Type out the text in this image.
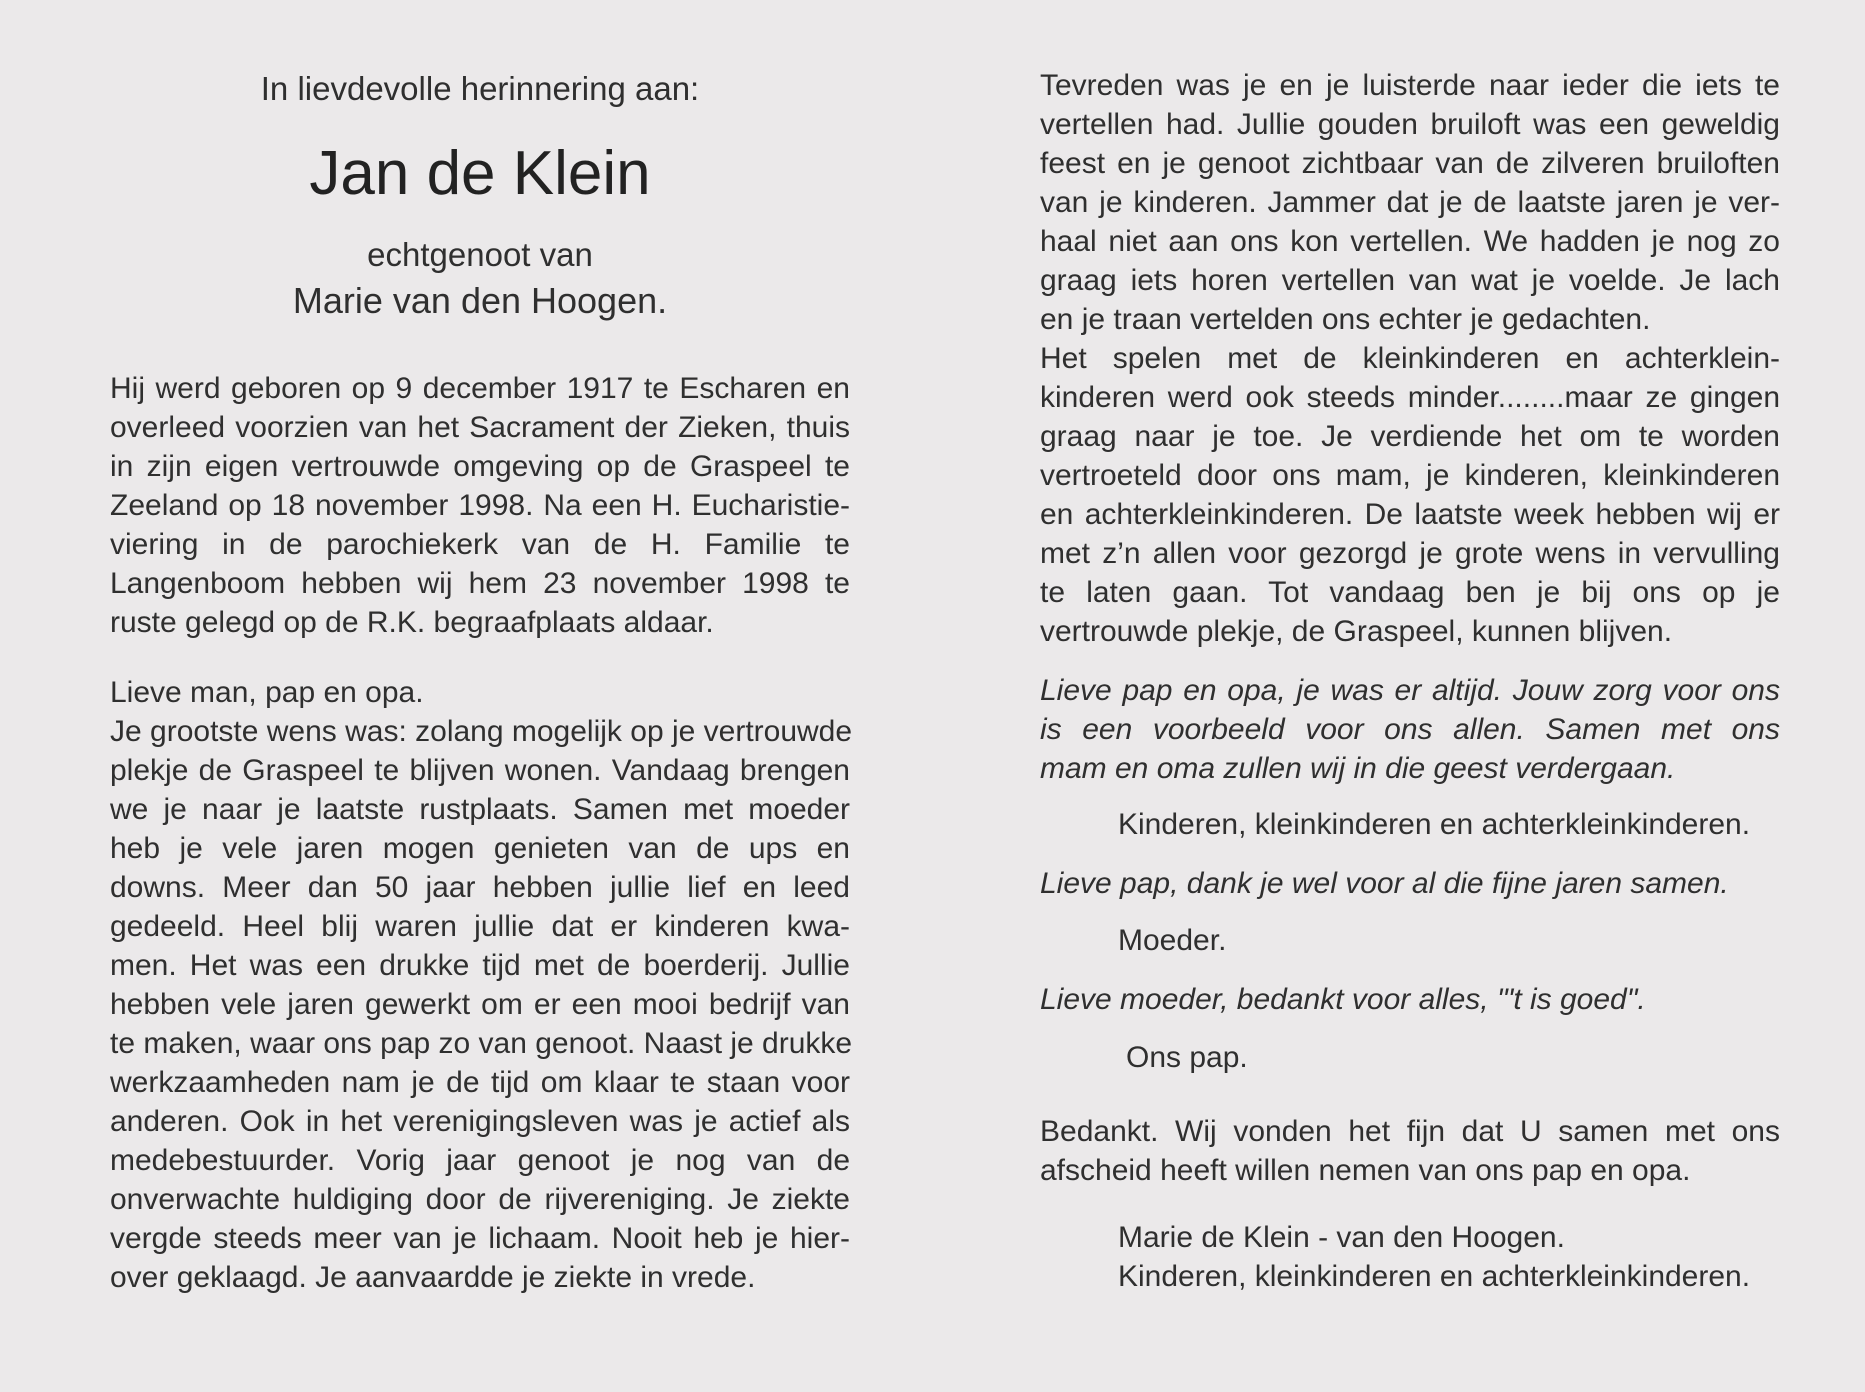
In lievdevolle herinnering aan:
Jan de Klein
echtgenoot van
Marie van den Hoogen.
Hij werd geboren op 9 december 1917 te Escharen en
overleed voorzien van het Sacrament der Zieken, thuis
in zijn eigen vertrouwde omgeving op de Graspeel te
Zeeland op 18 november 1998. Na een H. Eucharistie-
viering in de parochiekerk van de H. Familie te
Langenboom hebben wij hem 23 november 1998 te
ruste gelegd op de R.K. begraafplaats aldaar.
Lieve man, pap en opa.
Je grootste wens was: zolang mogelijk op je vertrouwde
plekje de Graspeel te blijven wonen. Vandaag brengen
we je naar je laatste rustplaats. Samen met moeder
heb je vele jaren mogen genieten van de ups en
downs. Meer dan 50 jaar hebben jullie lief en leed
gedeeld. Heel blij waren jullie dat er kinderen kwa-
men. Het was een drukke tijd met de boerderij. Jullie
hebben vele jaren gewerkt om er een mooi bedrijf van
te maken, waar ons pap zo van genoot. Naast je drukke
werkzaamheden nam je de tijd om klaar te staan voor
anderen. Ook in het verenigingsleven was je actief als
medebestuurder. Vorig jaar genoot je nog van de
onverwachte huldiging door de rijvereniging. Je ziekte
vergde steeds meer van je lichaam. Nooit heb je hier-
over geklaagd. Je aanvaardde je ziekte in vrede.
Tevreden was je en je luisterde naar ieder die iets te
vertellen had. Jullie gouden bruiloft was een geweldig
feest en je genoot zichtbaar van de zilveren bruiloften
van je kinderen. Jammer dat je de laatste jaren je ver-
haal niet aan ons kon vertellen. We hadden je nog zo
graag iets horen vertellen van wat je voelde. Je lach
en je traan vertelden ons echter je gedachten.
Het spelen met de kleinkinderen en achterklein-
kinderen werd ook steeds minder........maar ze gingen
graag naar je toe. Je verdiende het om te worden
vertroeteld door ons mam, je kinderen, kleinkinderen
en achterkleinkinderen. De laatste week hebben wij er
met z’n allen voor gezorgd je grote wens in vervulling
te laten gaan. Tot vandaag ben je bij ons op je
vertrouwde plekje, de Graspeel, kunnen blijven.
Lieve pap en opa, je was er altijd. Jouw zorg voor ons
is een voorbeeld voor ons allen. Samen met ons
mam en oma zullen wij in die geest verdergaan.
Kinderen, kleinkinderen en achterkleinkinderen.
Lieve pap, dank je wel voor al die fijne jaren samen.
Moeder.
Lieve moeder, bedankt voor alles, "'t is goed".
Ons pap.
Bedankt. Wij vonden het fijn dat U samen met ons
afscheid heeft willen nemen van ons pap en opa.
Marie de Klein - van den Hoogen.
Kinderen, kleinkinderen en achterkleinkinderen.
